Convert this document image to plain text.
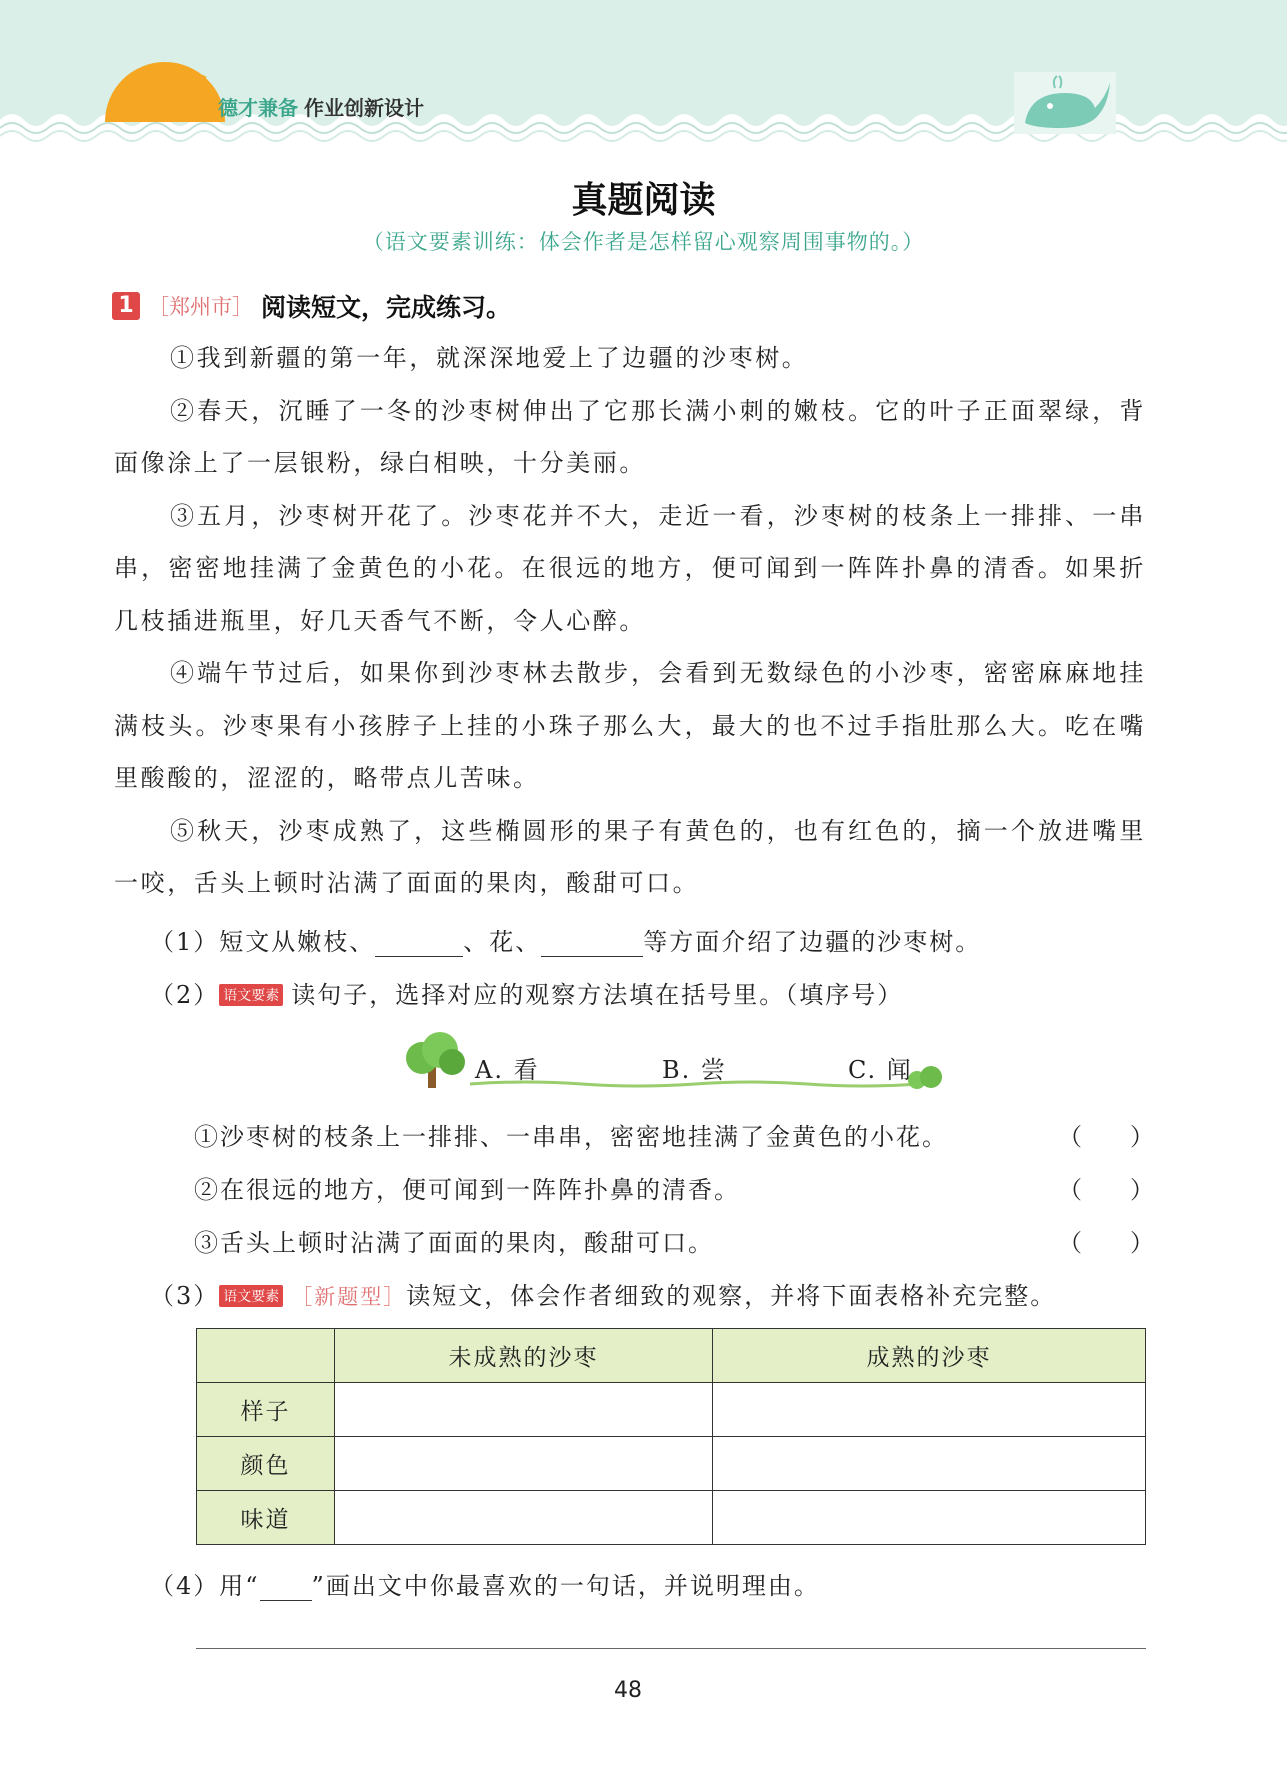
德才兼备 作业创新设计
真题阅读
（语文要素训练：体会作者是怎样留心观察周围事物的。）
1 ［郑州市］ 阅读短文，完成练习。

①我到新疆的第一年，就深深地爱上了边疆的沙枣树。

②春天，沉睡了一冬的沙枣树伸出了它那长满小刺的嫩枝。它的叶子正面翠绿，背面像涂上了一层银粉，绿白相映，十分美丽。

③五月，沙枣树开花了。沙枣花并不大，走近一看，沙枣树的枝条上一排排、一串串，密密地挂满了金黄色的小花。在很远的地方，便可闻到一阵阵扑鼻的清香。如果折几枝插进瓶里，好几天香气不断，令人心醉。

④端午节过后，如果你到沙枣林去散步，会看到无数绿色的小沙枣，密密麻麻地挂满枝头。沙枣果有小孩脖子上挂的小珠子那么大，最大的也不过手指肚那么大。吃在嘴里酸酸的，涩涩的，略带点儿苦味。

⑤秋天，沙枣成熟了，这些椭圆形的果子有黄色的，也有红色的，摘一个放进嘴里一咬，舌头上顿时沾满了面面的果肉，酸甜可口。

（1）短文从嫩枝、	、花、	等方面介绍了边疆的沙枣树。
（2） 语文要素 读句子，选择对应的观察方法填在括号里。（填序号）
A. 看	B. 尝	C. 闻
①沙枣树的枝条上一排排、一串串，密密地挂满了金黄色的小花。	（　　）
②在很远的地方，便可闻到一阵阵扑鼻的清香。	（　　）
③舌头上顿时沾满了面面的果肉，酸甜可口。	（　　）
（3） 语文要素 ［新题型］读短文，体会作者细致的观察，并将下面表格补充完整。
	未成熟的沙枣	成熟的沙枣
样子		
颜色		
味道		
（4）用“ ”画出文中你最喜欢的一句话，并说明理由。
48
